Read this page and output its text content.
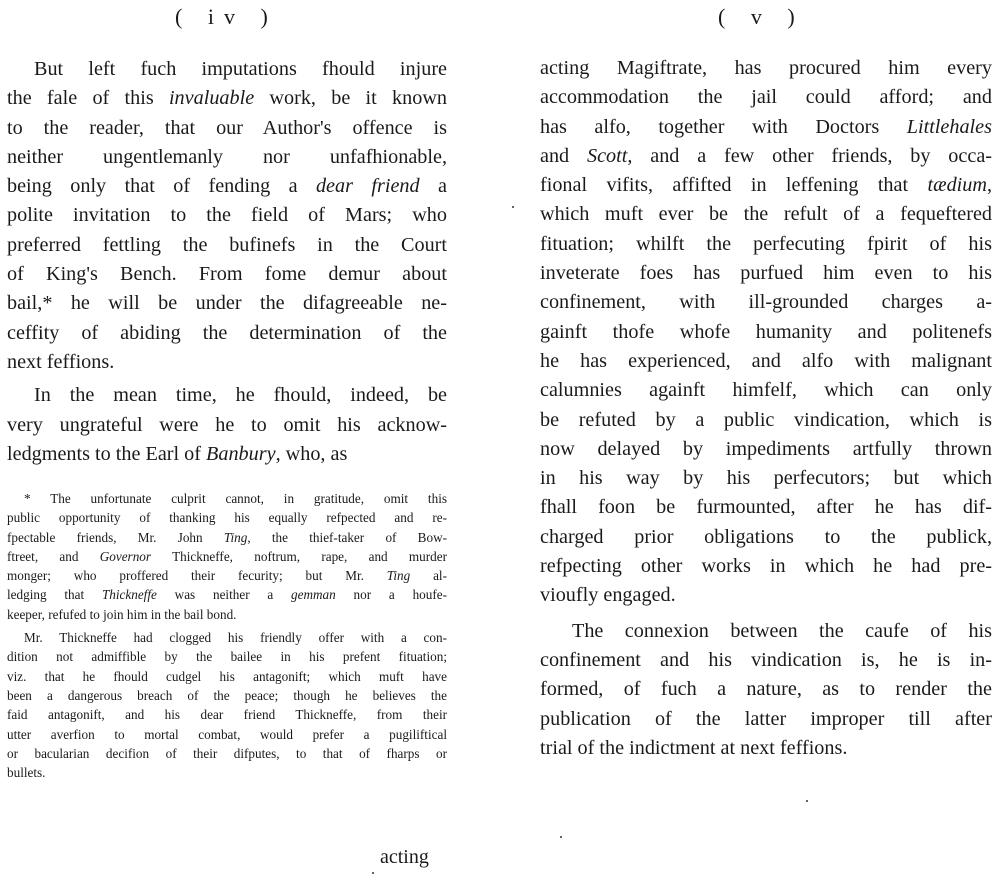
( iv )
But left fuch imputations fhould injure
the fale of this invaluable work, be it known
to the reader, that our Author's offence is
neither ungentlemanly nor unfafhionable,
being only that of fending a dear friend a
polite invitation to the field of Mars; who
preferred fettling the bufinefs in the Court
of King's Bench. From fome demur about
bail,* he will be under the difagreeable ne-
ceffity of abiding the determination of the
next feffions.
In the mean time, he fhould, indeed, be
very ungrateful were he to omit his acknow-
ledgments to the Earl of Banbury, who, as
* The unfortunate culprit cannot, in gratitude, omit this
public opportunity of thanking his equally refpected and re-
fpectable friends, Mr. John Ting, the thief-taker of Bow-
ftreet, and Governor Thickneffe, noftrum, rape, and murder
monger; who proffered their fecurity; but Mr. Ting al-
ledging that Thickneffe was neither a gemman nor a houfe-
keeper, refufed to join him in the bail bond.
Mr. Thickneffe had clogged his friendly offer with a con-
dition not admiffible by the bailee in his prefent fituation;
viz. that he fhould cudgel his antagonift; which muft have
been a dangerous breach of the peace; though he believes the
faid antagonift, and his dear friend Thickneffe, from their
utter averfion to mortal combat, would prefer a pugiliftical
or bacularian decifion of their difputes, to that of fharps or
bullets.
acting
( v )
acting Magiftrate, has procured him every
accommodation the jail could afford; and
has alfo, together with Doctors Littlehales
and Scott, and a few other friends, by occa-
fional vifits, affifted in leffening that tædium,
which muft ever be the refult of a fequeftered
fituation; whilft the perfecuting fpirit of his
inveterate foes has purfued him even to his
confinement, with ill-grounded charges a-
gainft thofe whofe humanity and politenefs
he has experienced, and alfo with malignant
calumnies againft himfelf, which can only
be refuted by a public vindication, which is
now delayed by impediments artfully thrown
in his way by his perfecutors; but which
fhall foon be furmounted, after he has dif-
charged prior obligations to the publick,
refpecting other works in which he had pre-
vioufly engaged.
The connexion between the caufe of his
confinement and his vindication is, he is in-
formed, of fuch a nature, as to render the
publication of the latter improper till after
trial of the indictment at next feffions.
